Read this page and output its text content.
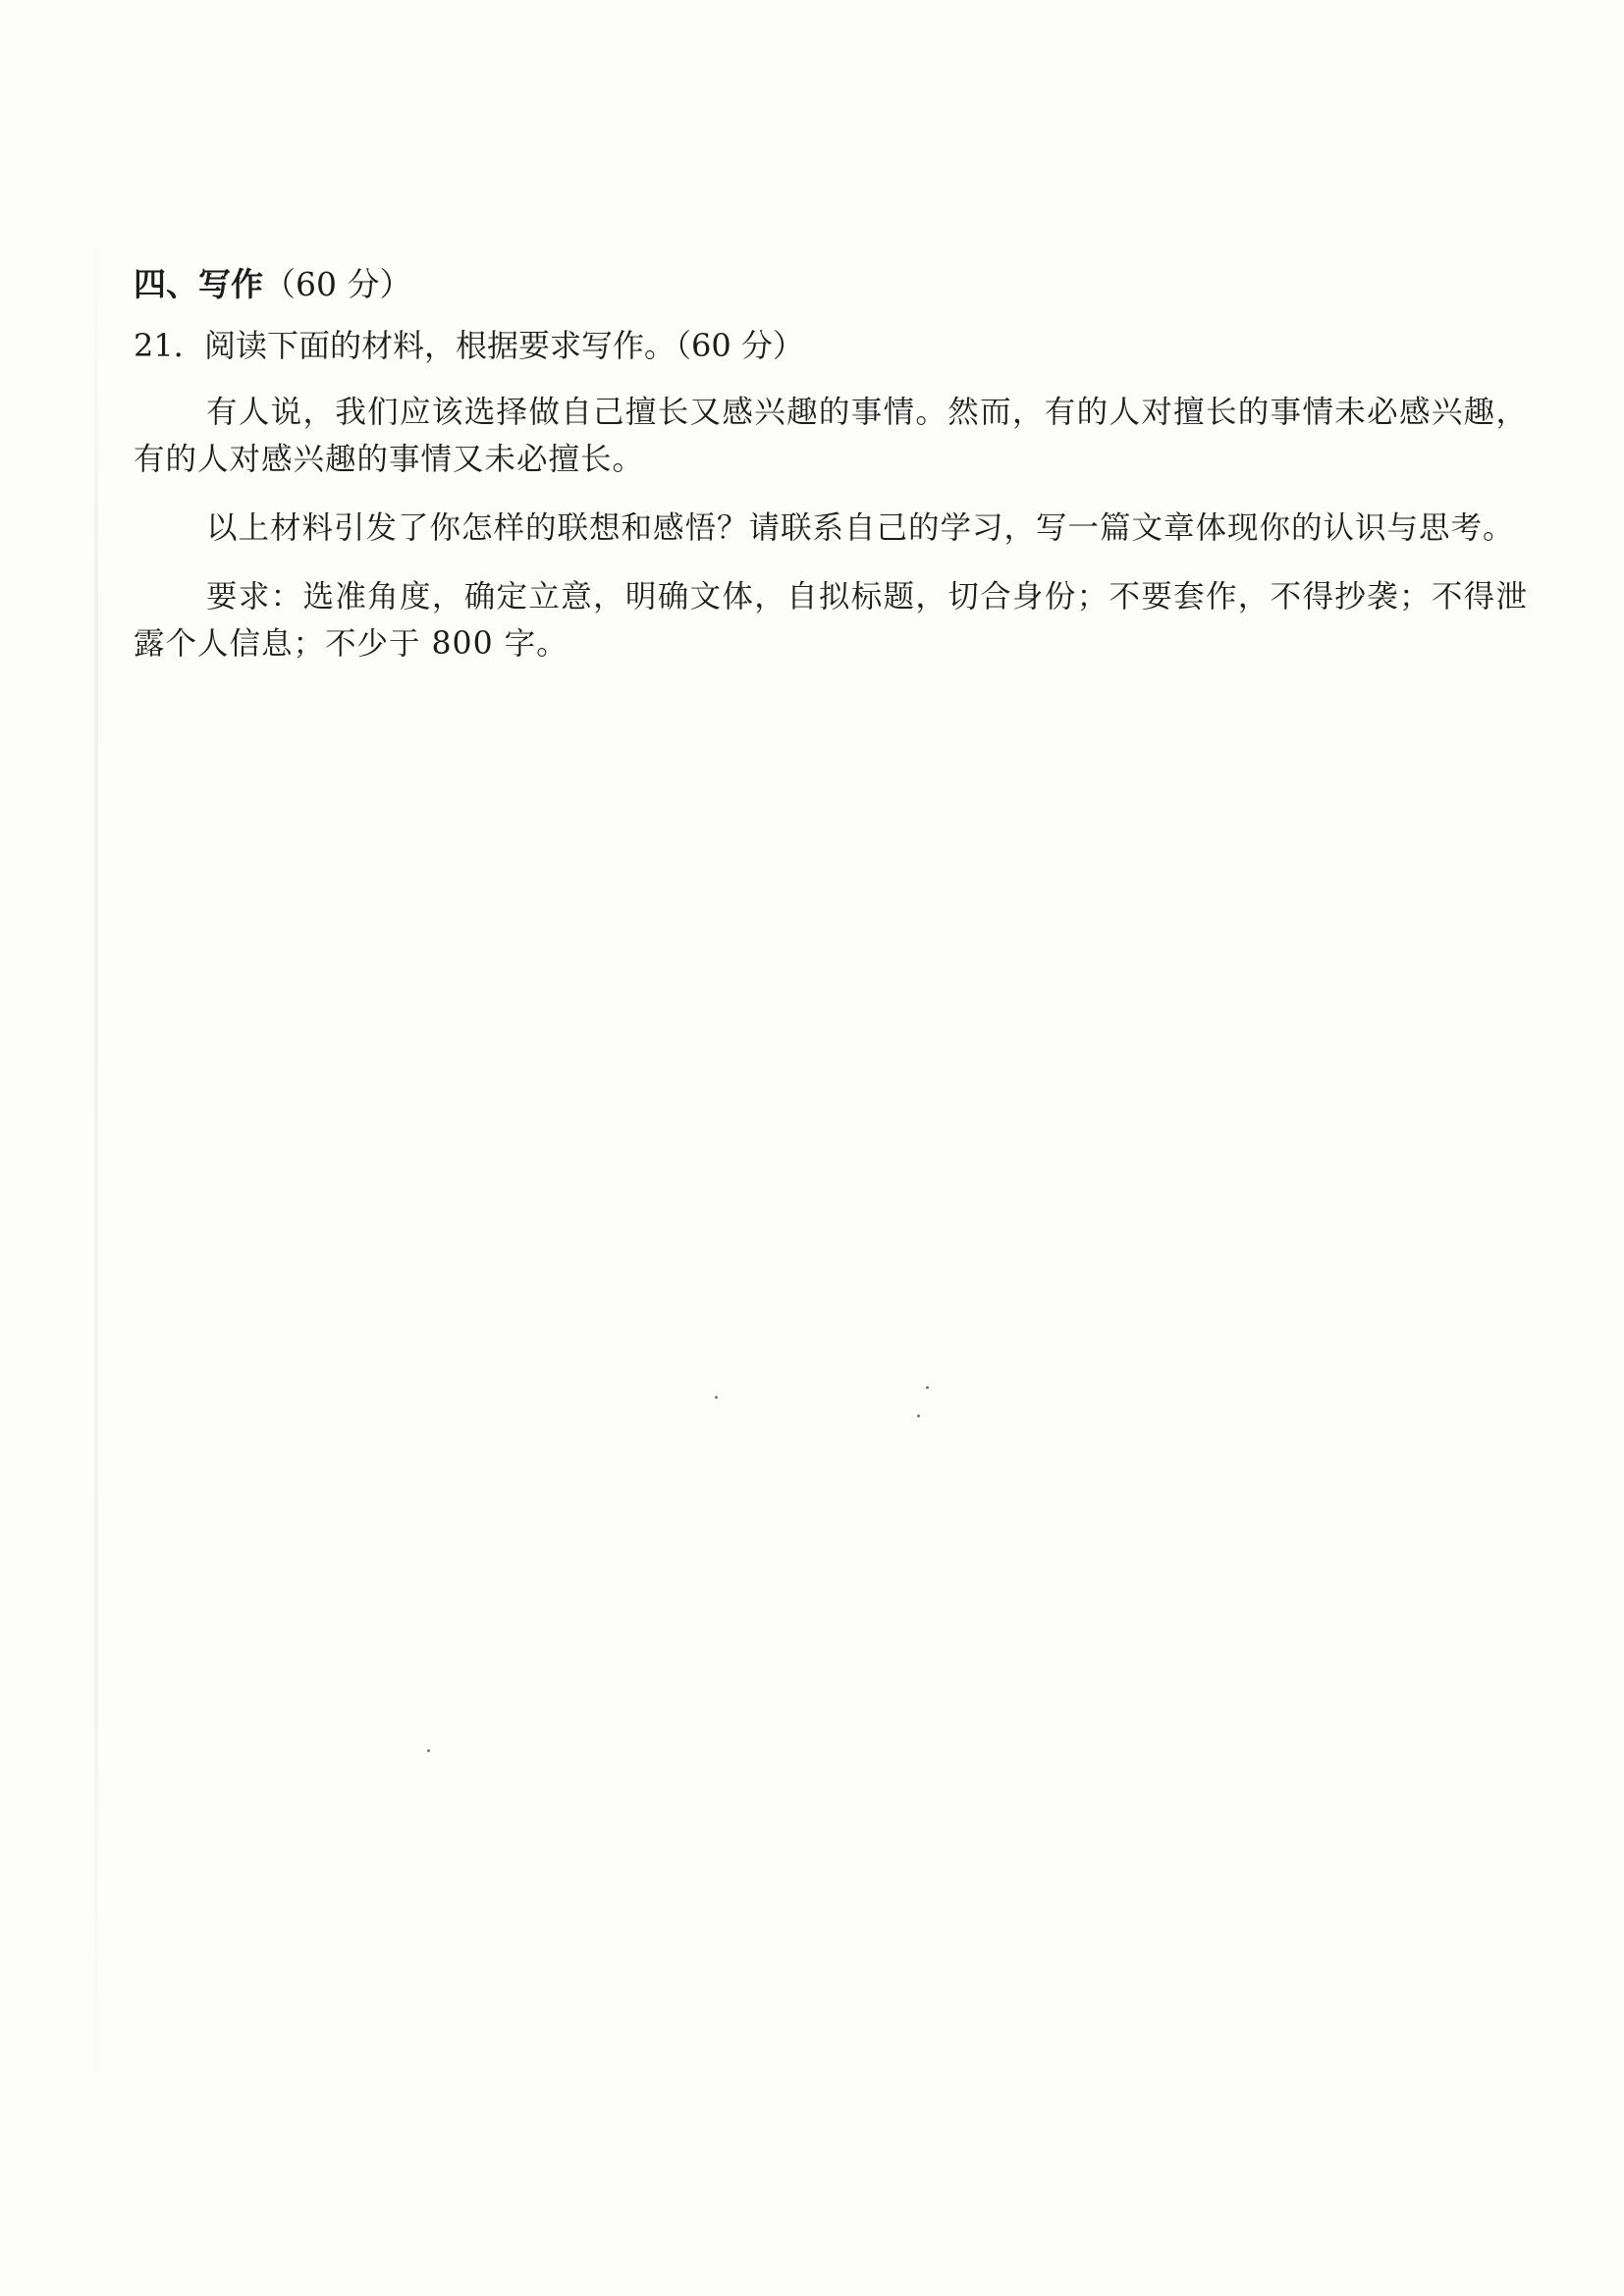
四、写作（60 分）

21．阅读下面的材料，根据要求写作。（60 分）

有人说，我们应该选择做自己擅长又感兴趣的事情。然而，有的人对擅长的事情未必感兴趣，有的人对感兴趣的事情又未必擅长。

以上材料引发了你怎样的联想和感悟？请联系自己的学习，写一篇文章体现你的认识与思考。

要求：选准角度，确定立意，明确文体，自拟标题，切合身份；不要套作，不得抄袭；不得泄露个人信息；不少于 800 字。
